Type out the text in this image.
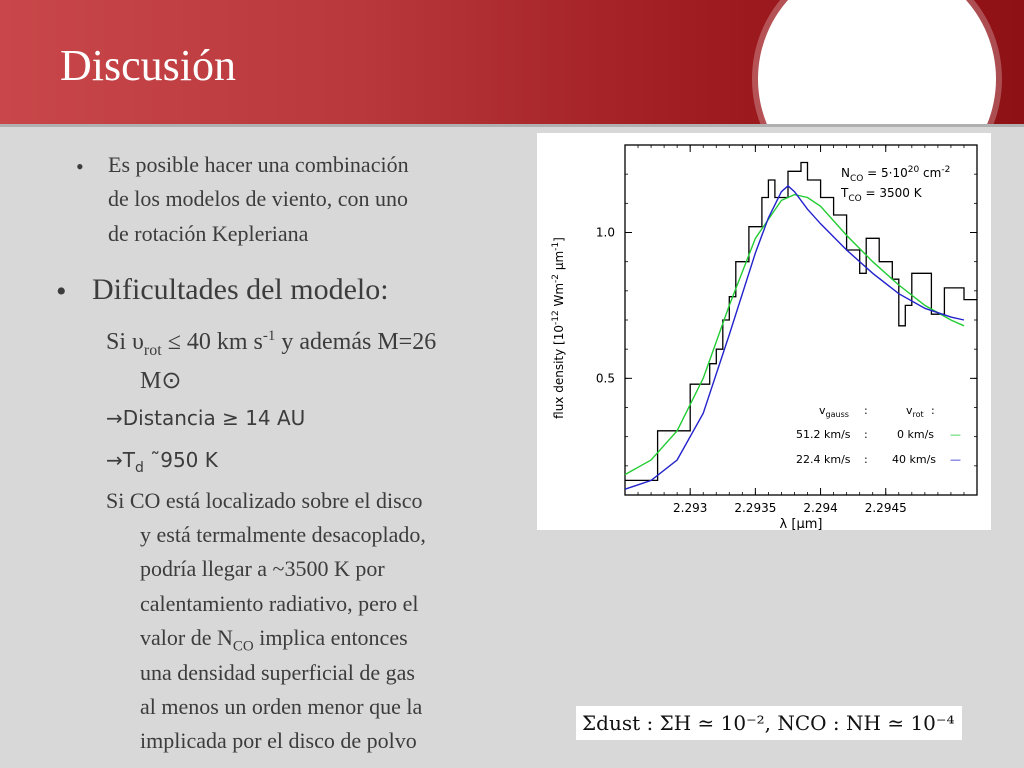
Discusión
• Es posible hacer una combinación
de los modelos de viento, con uno
de rotación Kepleriana
• Dificultades del modelo:
Si $\upsilon_{rot} \le 40$ km $s^{-1}$ y además M=26
M⊙
→Distancia ≥ 14 AU
$\to T_d$ ˜950 K
Si CO está localizado sobre el disco
y está termalmente desacoplado,
podría llegar a ~3500 K por
calentamiento radiativo, pero el
valor de $N_{CO}$ implica entonces
una densidad superficial de gas
al menos un orden menor que la
implicada por el disco de polvo
2.293 2.2935 2.294 2.2945
0.5
1.0
flux density [$10^{-12}$ $Wm^{-2}$ $\mu m^{-1}$]
λ [μm]
$N_{CO} = 5\cdot 10^{20}$ $cm^{-2}$
$T_{CO} = 3500$ K
$v_{gauss}$ :	$v_{rot}$ :
51.2 km/s :	0 km/s —
22.4 km/s : 40 km/s —
Σdust : ΣH ≃ 10⁻², NCO : NH ≃ 10⁻⁴
